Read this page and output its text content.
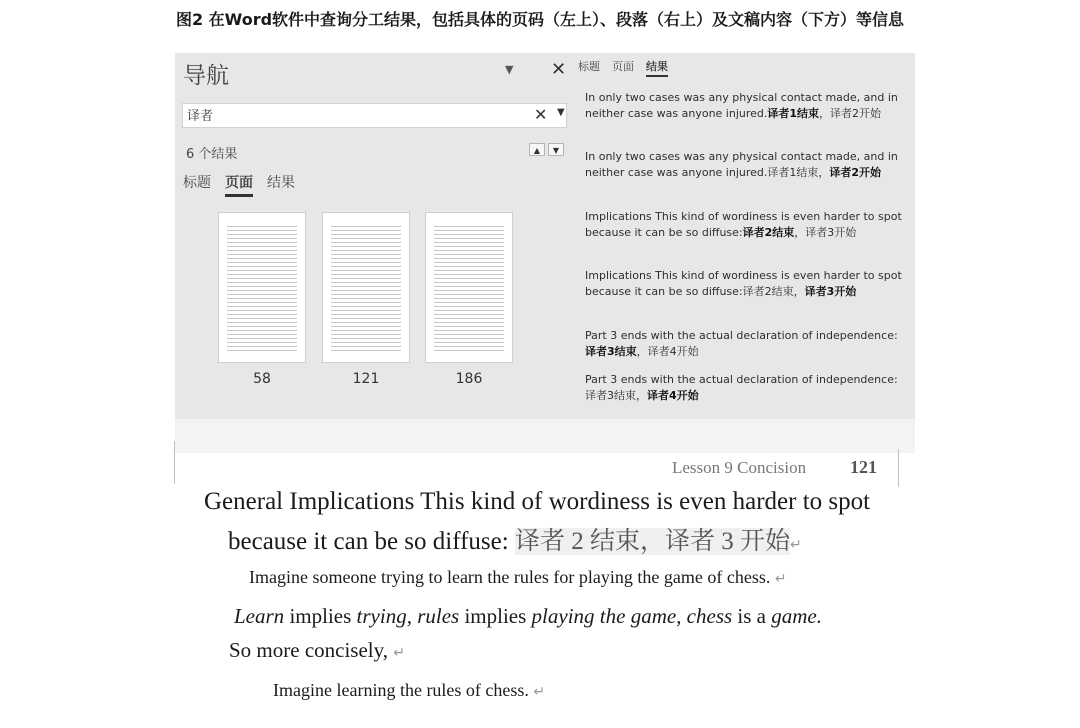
图2 在Word软件中查询分工结果，包括具体的页码（左上）、段落（右上）及文稿内容（下方）等信息
导航	▼ ✕
译者
✕ ▼
6 个结果	▲	▼
标题 页面 结果
58	121	186
标题 页面 结果
In only two cases was any physical contact made, and in neither case was anyone injured.译者1结束，译者2开始
In only two cases was any physical contact made, and in neither case was anyone injured.译者1结束，译者2开始
Implications This kind of wordiness is even harder to spot because it can be so diffuse:译者2结束，译者3开始
Implications This kind of wordiness is even harder to spot because it can be so diffuse:译者2结束，译者3开始
Part 3 ends with the actual declaration of independence:译者3结束，译者4开始
Part 3 ends with the actual declaration of independence:译者3结束，译者4开始
Lesson 9 Concision 121
General Implications This kind of wordiness is even harder to spot
because it can be so diffuse: 译者 2 结束，译者 3 开始↵
Imagine someone trying to learn the rules for playing the game of chess. ↵
Learn implies trying, rules implies playing the game, chess is a game.
So more concisely, ↵
Imagine learning the rules of chess. ↵
